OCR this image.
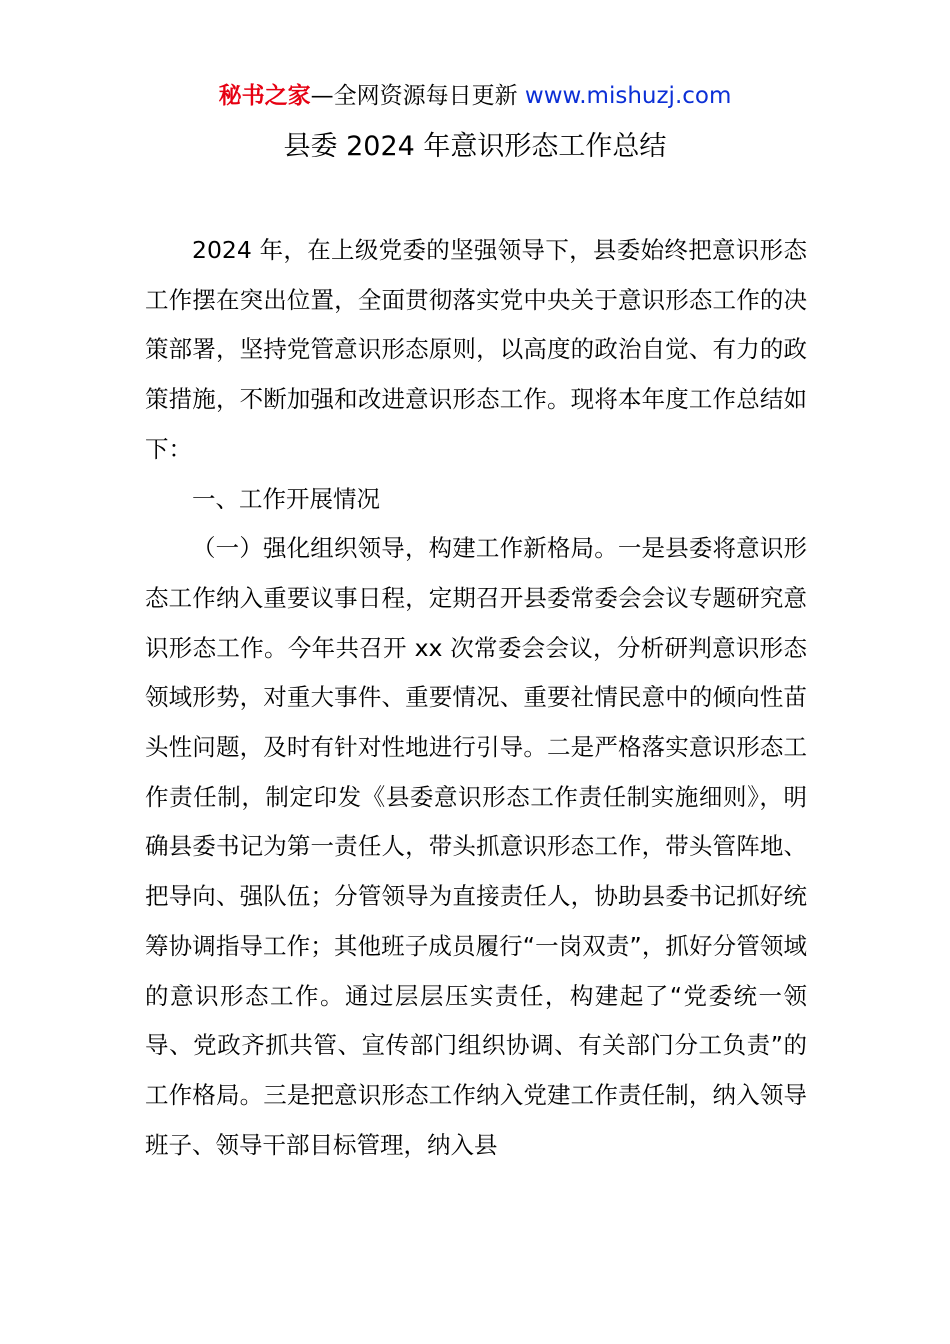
秘书之家—全网资源每日更新 www.mishuzj.com
县委 2024 年意识形态工作总结

2024 年，在上级党委的坚强领导下，县委始终把意识形态工作摆在突出位置，全面贯彻落实党中央关于意识形态工作的决策部署，坚持党管意识形态原则，以高度的政治自觉、有力的政策措施，不断加强和改进意识形态工作。现将本年度工作总结如下：

一、工作开展情况

（一）强化组织领导，构建工作新格局。一是县委将意识形态工作纳入重要议事日程，定期召开县委常委会会议专题研究意识形态工作。今年共召开 xx 次常委会会议，分析研判意识形态领域形势，对重大事件、重要情况、重要社情民意中的倾向性苗头性问题，及时有针对性地进行引导。二是严格落实意识形态工作责任制，制定印发《县委意识形态工作责任制实施细则》，明确县委书记为第一责任人，带头抓意识形态工作，带头管阵地、把导向、强队伍；分管领导为直接责任人，协助县委书记抓好统筹协调指导工作；其他班子成员履行“一岗双责”，抓好分管领域的意识形态工作。通过层层压实责任，构建起了“党委统一领导、党政齐抓共管、宣传部门组织协调、有关部门分工负责”的工作格局。三是把意识形态工作纳入党建工作责任制，纳入领导班子、领导干部目标管理，纳入县
